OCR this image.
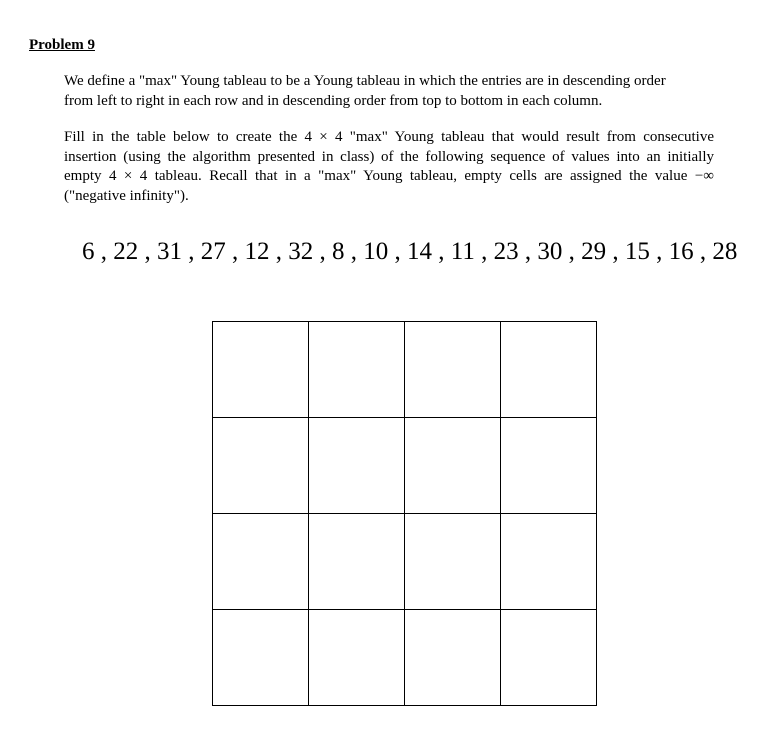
Problem 9
We define a "max" Young tableau to be a Young tableau in which the entries are in descending order
from left to right in each row and in descending order from top to bottom in each column.
Fill in the table below to create the 4 × 4 "max" Young tableau that would result from consecutive
insertion (using the algorithm presented in class) of the following sequence of values into an initially
empty 4 × 4 tableau. Recall that in a "max" Young tableau, empty cells are assigned the value −∞
("negative infinity").
6 , 22 , 31 , 27 , 12 , 32 , 8 , 10 , 14 , 11 , 23 , 30 , 29 , 15 , 16 , 28
